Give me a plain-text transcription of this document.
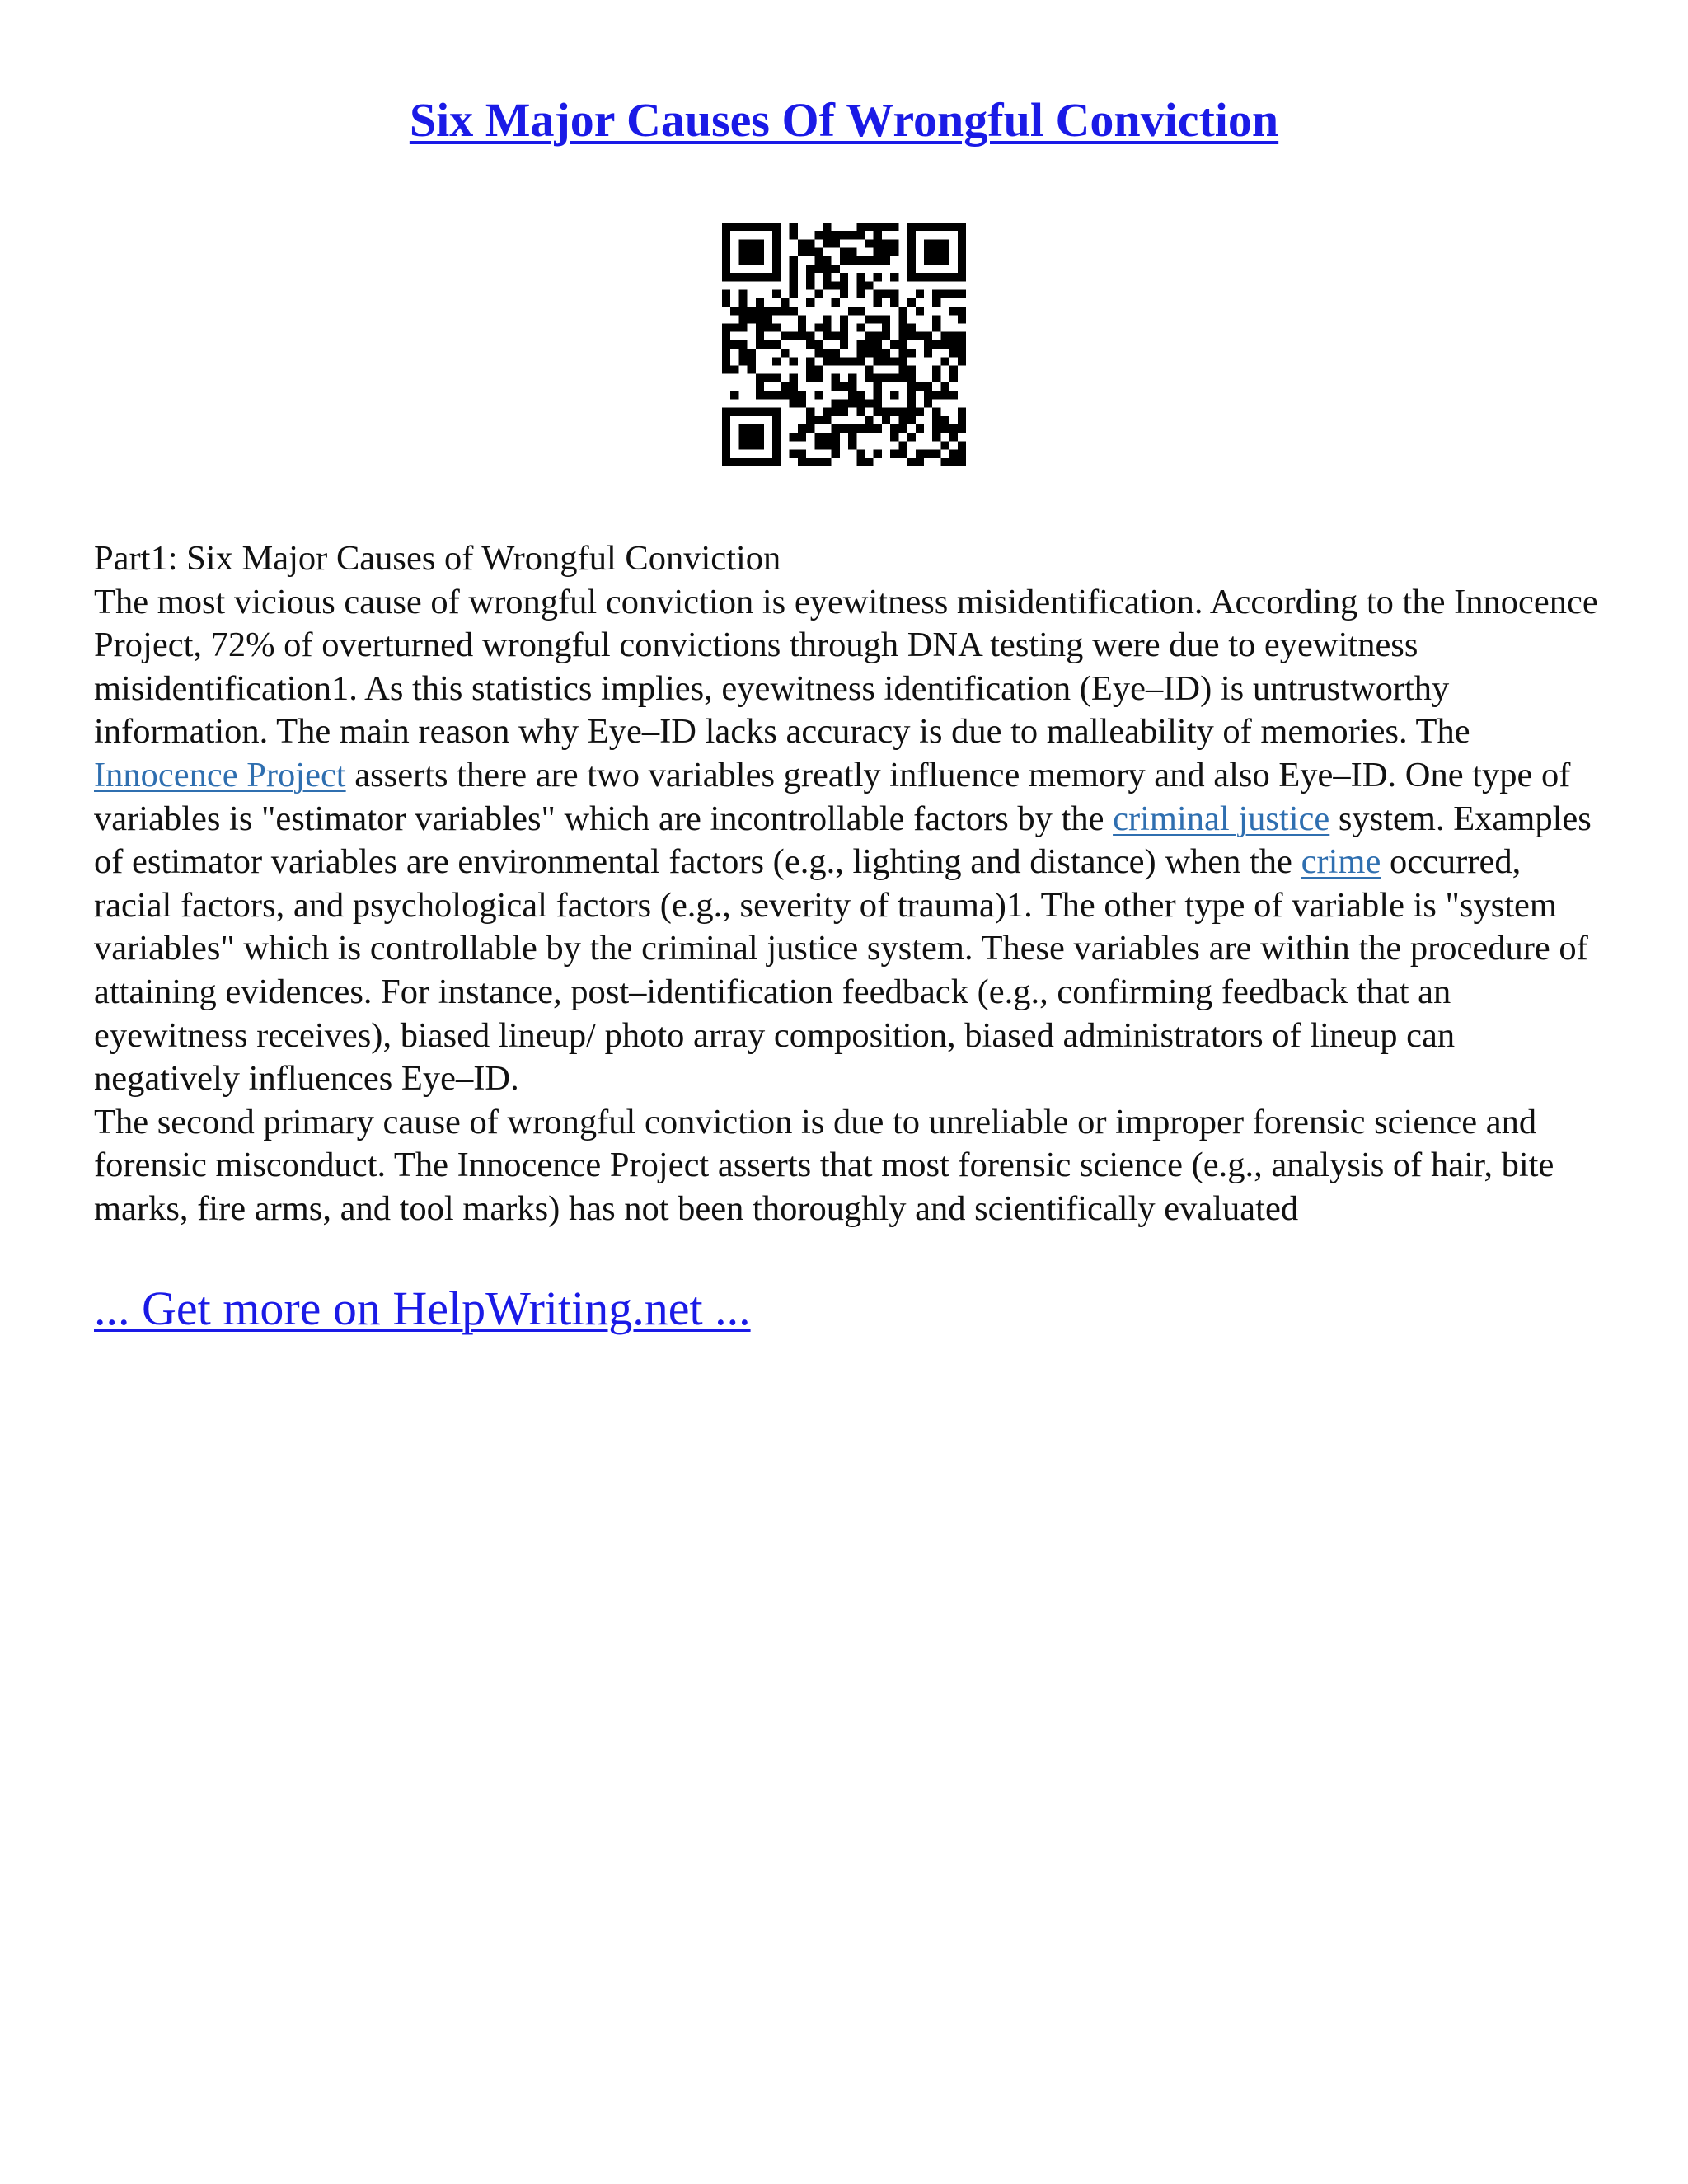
Six Major Causes Of Wrongful Conviction

Part1: Six Major Causes of Wrongful Conviction

The most vicious cause of wrongful conviction is eyewitness misidentification. According to the Innocence Project, 72% of overturned wrongful convictions through DNA testing were due to eyewitness misidentification1. As this statistics implies, eyewitness identification (Eye–ID) is untrustworthy information. The main reason why Eye–ID lacks accuracy is due to malleability of memories. The Innocence Project asserts there are two variables greatly influence memory and also Eye–ID. One type of variables is "estimator variables" which are incontrollable factors by the criminal justice system. Examples of estimator variables are environmental factors (e.g., lighting and distance) when the crime occurred, racial factors, and psychological factors (e.g., severity of trauma)1. The other type of variable is "system variables" which is controllable by the criminal justice system. These variables are within the procedure of attaining evidences. For instance, post–identification feedback (e.g., confirming feedback that an eyewitness receives), biased lineup/ photo array composition, biased administrators of lineup can negatively influences Eye–ID.

The second primary cause of wrongful conviction is due to unreliable or improper forensic science and forensic misconduct. The Innocence Project asserts that most forensic science (e.g., analysis of hair, bite marks, fire arms, and tool marks) has not been thoroughly and scientifically evaluated

... Get more on HelpWriting.net ...
